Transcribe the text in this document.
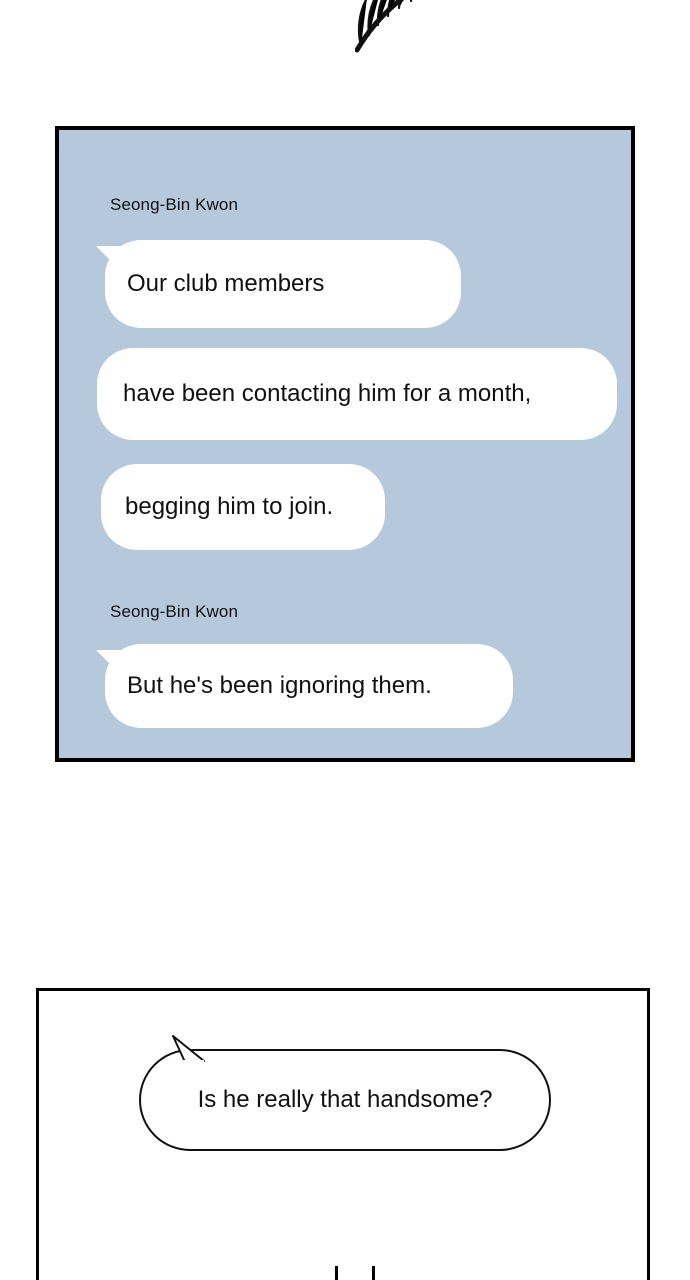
Seong-Bin Kwon
Our club members
have been contacting him for a month,
begging him to join.
Seong-Bin Kwon
But he's been ignoring them.
Is he really that handsome?
